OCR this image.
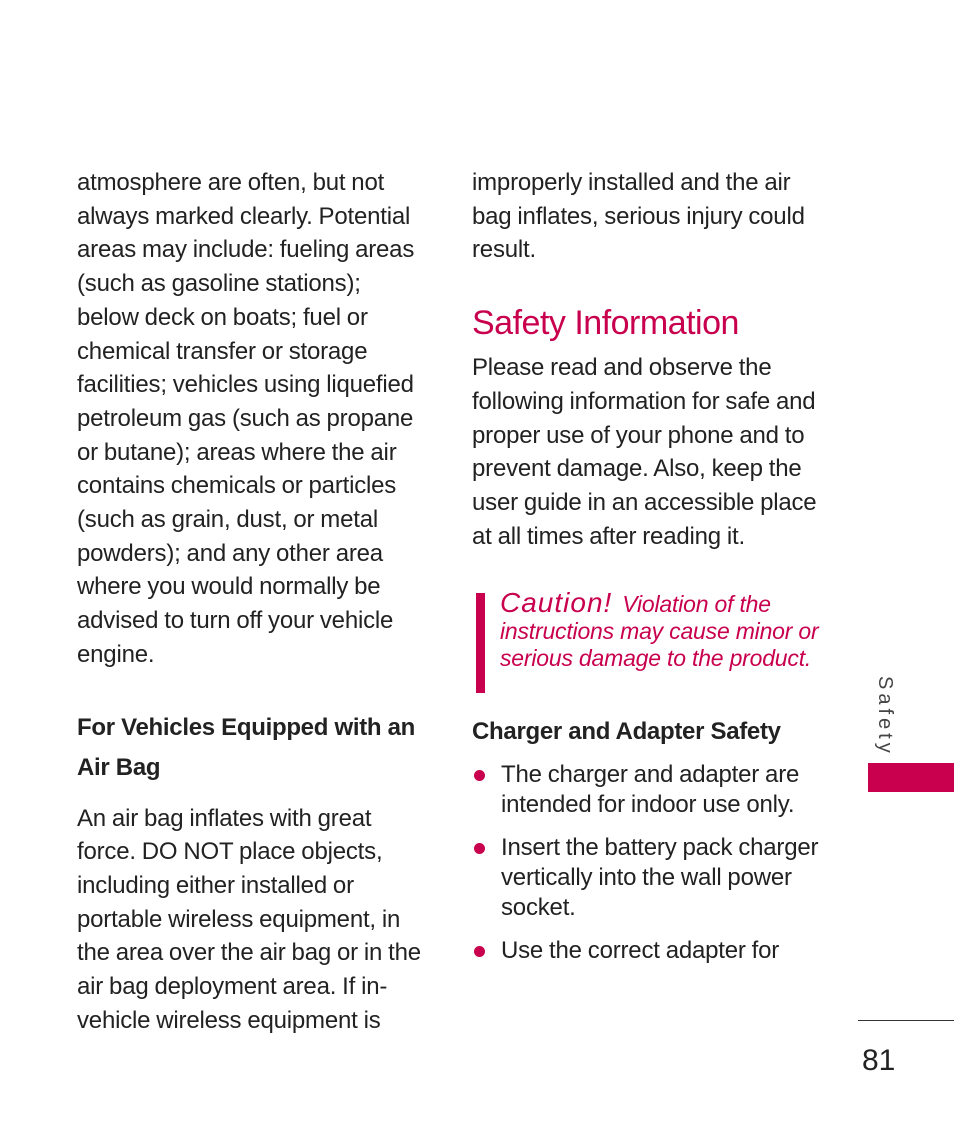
atmosphere are often, but not always marked clearly. Potential areas may include: fueling areas (such as gasoline stations); below deck on boats; fuel or chemical transfer or storage facilities; vehicles using liquefied petroleum gas (such as propane or butane); areas where the air contains chemicals or particles (such as grain, dust, or metal powders); and any other area where you would normally be advised to turn off your vehicle engine.

For Vehicles Equipped with an Air Bag

An air bag inflates with great force. DO NOT place objects, including either installed or portable wireless equipment, in the area over the air bag or in the air bag deployment area. If in-vehicle wireless equipment is

improperly installed and the air bag inflates, serious injury could result.

Safety Information

Please read and observe the following information for safe and proper use of your phone and to prevent damage. Also, keep the user guide in an accessible place at all times after reading it.

Caution! Violation of the instructions may cause minor or serious damage to the product.

Charger and Adapter Safety

The charger and adapter are intended for indoor use only.
Insert the battery pack charger vertically into the wall power socket.
Use the correct adapter for
Safety
81
